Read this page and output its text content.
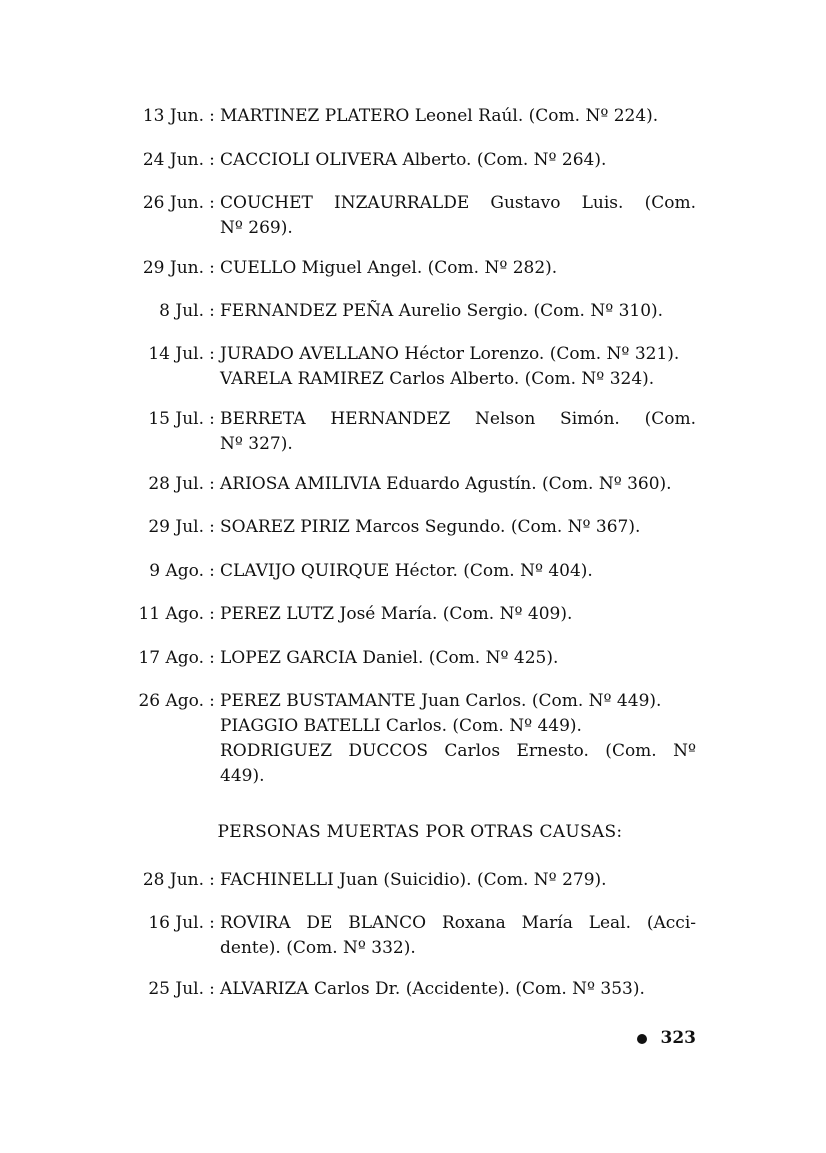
13 Jun. : MARTINEZ PLATERO Leonel Raúl. (Com. Nº 224).
24 Jun. : CACCIOLI OLIVERA Alberto. (Com. Nº 264).
26 Jun. : COUCHET INZAURRALDE Gustavo Luis. (Com.
Nº 269).
29 Jun. : CUELLO Miguel Angel. (Com. Nº 282).
8 Jul. : FERNANDEZ PEÑA Aurelio Sergio. (Com. Nº 310).
14 Jul. : JURADO AVELLANO Héctor Lorenzo. (Com. Nº 321).
VARELA RAMIREZ Carlos Alberto. (Com. Nº 324).
15 Jul. : BERRETA HERNANDEZ Nelson Simón. (Com.
Nº 327).
28 Jul. : ARIOSA AMILIVIA Eduardo Agustín. (Com. Nº 360).
29 Jul. : SOAREZ PIRIZ Marcos Segundo. (Com. Nº 367).
9 Ago. : CLAVIJO QUIRQUE Héctor. (Com. Nº 404).
11 Ago. : PEREZ LUTZ José María. (Com. Nº 409).
17 Ago. : LOPEZ GARCIA Daniel. (Com. Nº 425).
26 Ago. : PEREZ BUSTAMANTE Juan Carlos. (Com. Nº 449).
PIAGGIO BATELLI Carlos. (Com. Nº 449).
RODRIGUEZ DUCCOS Carlos Ernesto. (Com. Nº
449).
PERSONAS MUERTAS POR OTRAS CAUSAS:
28 Jun. : FACHINELLI Juan (Suicidio). (Com. Nº 279).
16 Jul. : ROVIRA DE BLANCO Roxana María Leal. (Acci-
dente). (Com. Nº 332).
25 Jul. : ALVARIZA Carlos Dr. (Accidente). (Com. Nº 353).
323
